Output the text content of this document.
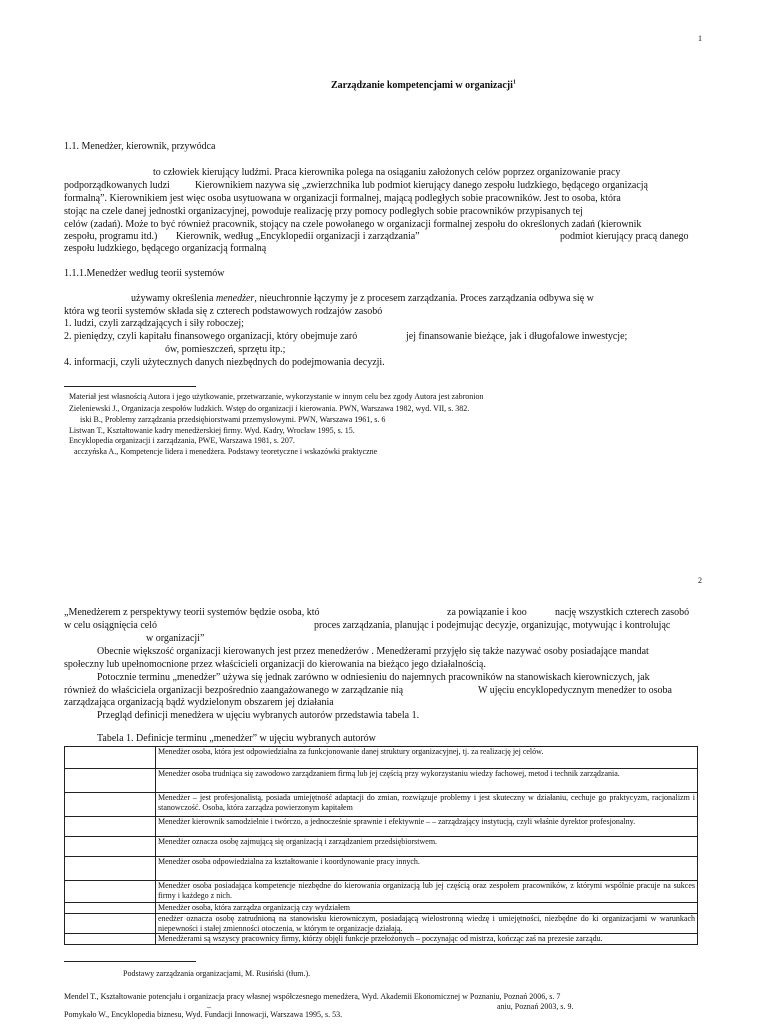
1
Zarządzanie kompetencjami w organizacji$^1$
1.1. Menedżer, kierownik, przywódca
to człowiek kierujący ludźmi. Praca kierownika polega na osiąganiu założonych celów poprzez organizowanie pracy
podporządkowanych ludzi	Kierownikiem nazywa się „zwierzchnika lub podmiot kierujący danego zespołu ludzkiego, będącego organizacją
formalną”. Kierownikiem jest więc osoba usytuowana w organizacji formalnej, mającą podległych sobie pracowników. Jest to osoba, która
stojąc na czele danej jednostki organizacyjnej, powoduje realizację przy pomocy podległych sobie pracowników przypisanych tej
celów (zadań). Może to być również pracownik, stojący na czele powołanego w organizacji formalnej zespołu do określonych zadań (kierownik
zespołu, programu itd.) Kierownik, według „Encyklopedii organizacji i zarządzania”	podmiot kierujący pracą danego
zespołu ludzkiego, będącego organizacją formalną
1.1.1.Menedżer według teorii systemów
używamy określenia menedżer, nieuchronnie łączymy je z procesem zarządzania. Proces zarządzania odbywa się w
która wg teorii systemów składa się z czterech podstawowych rodzajów zasobó
1. ludzi, czyli zarządzających i siły roboczej;
2. pieniędzy, czyli kapitału finansowego organizacji, który obejmuje zaró	jej finansowanie bieżące, jak i długofalowe inwestycje;
ów, pomieszczeń, sprzętu itp.;
4. informacji, czyli użytecznych danych niezbędnych do podejmowania decyzji.
Materiał jest własnością Autora i jego użytkowanie, przetwarzanie, wykorzystanie w innym celu bez zgody Autora jest zabronion
Zieleniewski J., Organizacja zespołów ludzkich. Wstęp do organizacji i kierowania. PWN, Warszawa 1982, wyd. VII, s. 382.
iski B., Problemy zarządzania przedsiębiorstwami przemysłowymi. PWN, Warszawa 1961, s. 6
Listwan T., Kształtowanie kadry menedżerskiej firmy. Wyd. Kadry, Wrocław 1995, s. 15.
Encyklopedia organizacji i zarządzania, PWE, Warszawa 1981, s. 207.
acczyńska A., Kompetencje lidera i menedżera. Podstawy teoretyczne i wskazówki praktyczne
2
„Menedżerem z perspektywy teorii systemów będzie osoba, któ	za powiązanie i koo	nację wszystkich czterech zasobó
w celu osiągnięcia celó	proces zarządzania, planując i podejmując decyzje, organizując, motywując i kontrolując
w organizacji”
Obecnie większość organizacji kierowanych jest przez menedżerów . Menedżerami przyjęło się także nazywać osoby posiadające mandat
społeczny lub upełnomocnione przez właścicieli organizacji do kierowania na bieżąco jego działalnością.
Potocznie terminu „menedżer” używa się jednak zarówno w odniesieniu do najemnych pracowników na stanowiskach kierowniczych, jak
również do właściciela organizacji bezpośrednio zaangażowanego w zarządzanie nią	W ujęciu encyklopedycznym menedżer to osoba
zarządzająca organizacją bądź wydzielonym obszarem jej działania
Przegląd definicji menedżera w ujęciu wybranych autorów przedstawia tabela 1.
Tabela 1. Definicje terminu „menedżer” w ujęciu wybranych autorów
	Menedżer osoba, która jest odpowiedzialna za funkcjonowanie danej struktury organizacyjnej, tj. za realizację jej celów.
	Menedżer osoba trudniąca się zawodowo zarządzaniem firmą lub jej częścią przy wykorzystaniu wiedzy fachowej, metod i technik zarządzania.
	Menedżer – jest profesjonalistą, posiada umiejętność adaptacji do zmian, rozwiązuje problemy i jest skuteczny w działaniu, cechuje go praktycyzm, racjonalizm i stanowczość. Osoba, która zarządza powierzonym kapitałem
	Menedżer kierownik samodzielnie i twórczo, a jednocześnie sprawnie i efektywnie – – zarządzający instytucją, czyli właśnie dyrektor profesjonalny.
	Menedżer oznacza osobę zajmującą się organizacją i zarządzaniem przedsiębiorstwem.
	Menedżer osoba odpowiedzialna za kształtowanie i koordynowanie pracy innych.
	Menedżer osoba posiadająca kompetencje niezbędne do kierowania organizacją lub jej częścią oraz zespołem pracowników, z którymi wspólnie pracuje na sukces firmy i każdego z nich.
	Menedżer osoba, która zarządza organizacją czy wydziałem
	enedżer oznacza osobę zatrudnioną na stanowisku kierowniczym, posiadającą wielostronną wiedzę i umiejętności, niezbędne do ki organizacjami w warunkach niepewności i stałej zmienności otoczenia, w którym te organizacje działają.
	Menedżerami są wszyscy pracownicy firmy, którzy objęli funkcje przełożonych – poczynając od mistrza, kończąc zaś na prezesie zarządu.
Podstawy zarządzania organizacjami, M. Rusiński (tłum.).
Mendel T., Kształtowanie potencjału i organizacja pracy własnej współczesnego menedżera, Wyd. Akademii Ekonomicznej w Poznaniu, Poznań 2006, s. 7
–	aniu, Poznań 2003, s. 9.
Pomykało W., Encyklopedia biznesu, Wyd. Fundacji Innowacji, Warszawa 1995, s. 53.
